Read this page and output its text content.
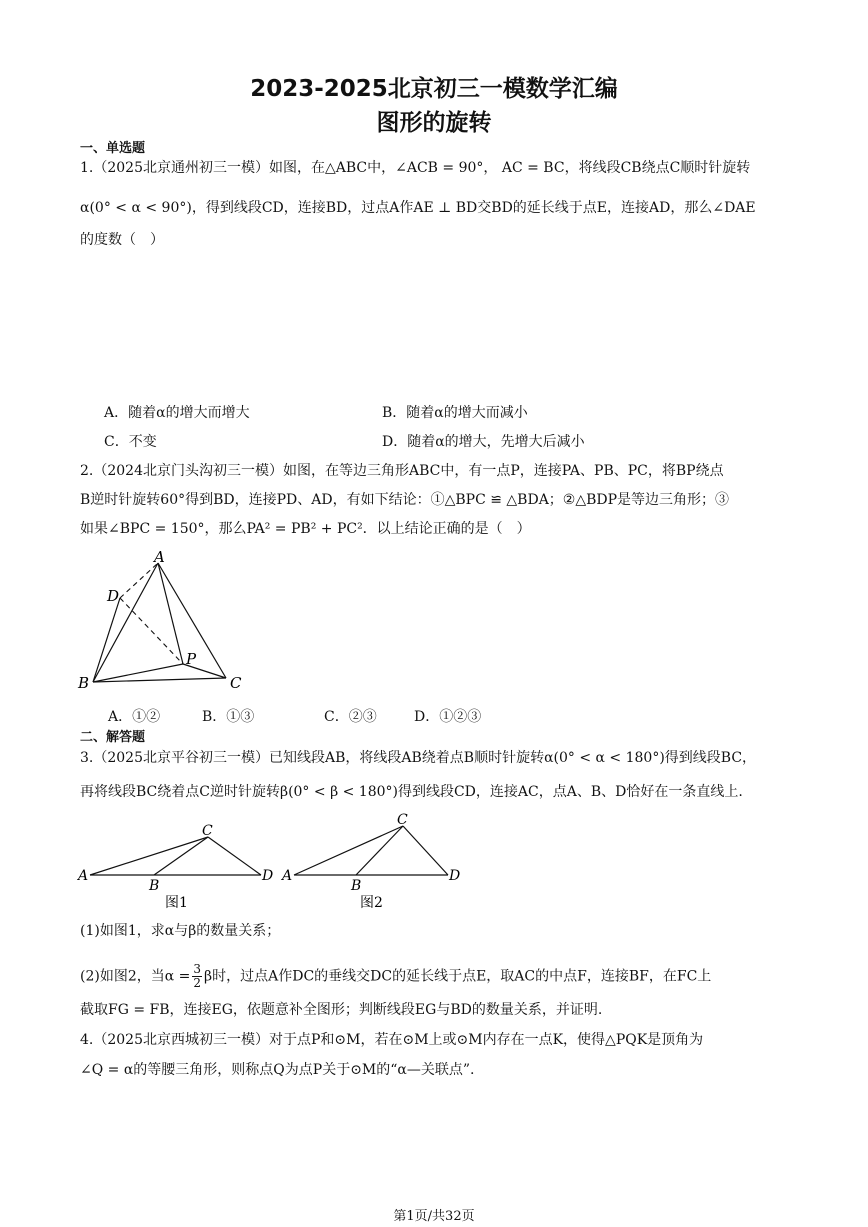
2023-2025北京初三一模数学汇编
图形的旋转
一、单选题
1.（2025北京通州初三一模）如图，在△ABC中，∠ACB = 90°， AC = BC，将线段CB绕点C顺时针旋转
α(0° < α < 90°)，得到线段CD，连接BD，过点A作AE ⊥ BD交BD的延长线于点E，连接AD，那么∠DAE
的度数（　）
A．随着α的增大而增大	B．随着α的增大而减小
C．不变	D．随着α的增大，先增大后减小
2.（2024北京门头沟初三一模）如图，在等边三角形ABC中，有一点P，连接PA、PB、PC，将BP绕点
B逆时针旋转60°得到BD，连接PD、AD，有如下结论：①△BPC ≌ △BDA；②△BDP是等边三角形；③
如果∠BPC = 150°，那么PA² = PB² + PC²．以上结论正确的是（　）
A
D
P
B	C
A．①②	B．①③	C．②③	D．①②③
二、解答题
3.（2025北京平谷初三一模）已知线段AB，将线段AB绕着点B顺时针旋转α(0° < α < 180°)得到线段BC，
再将线段BC绕着点C逆时针旋转β(0° < β < 180°)得到线段CD，连接AC，点A、B、D恰好在一条直线上.
C
A
B
D
图1
C
A
B
D
图2
(1)如图1，求α与β的数量关系；
(2)如图2，当$\alpha = \frac{3}{2}$ β时，过点A作DC的垂线交DC的延长线于点E，取AC的中点F，连接BF，在FC上
截取FG = FB，连接EG，依题意补全图形；判断线段EG与BD的数量关系，并证明.
4.（2025北京西城初三一模）对于点P和⊙M，若在⊙M上或⊙M内存在一点K，使得△PQK是顶角为
∠Q = α的等腰三角形，则称点Q为点P关于⊙M的“α—关联点”.
第1页/共32页
